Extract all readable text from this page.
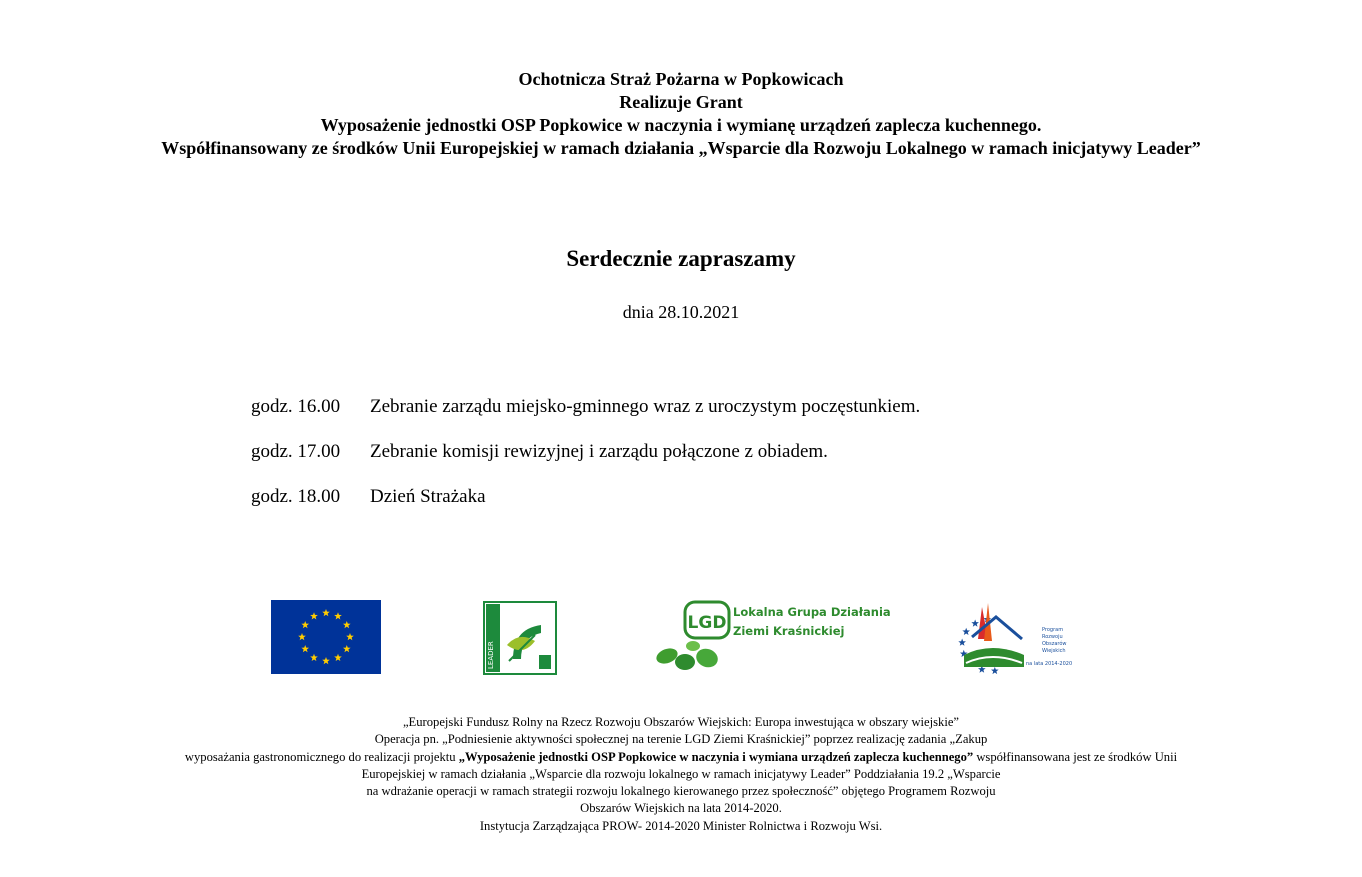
Ochotnicza Straż Pożarna w Popkowicach
Realizuje Grant
Wyposażenie jednostki OSP Popkowice w naczynia i wymianę urządzeń zaplecza kuchennego.
Współfinansowany ze środków Unii Europejskiej w ramach działania „Wsparcie dla Rozwoju Lokalnego w ramach inicjatywy Leader”
Serdecznie zapraszamy
dnia 28.10.2021
godz. 16.00	Zebranie zarządu miejsko-gminnego wraz z uroczystym poczęstunkiem.
godz. 17.00	Zebranie komisji rewizyjnej i zarządu połączone z obiadem.
godz. 18.00	Dzień Strażaka
LEADER
LGD
Lokalna Grupa Działania
Ziemi Kraśnickiej	Program
Rozwoju
Obszarów
Wiejskich
na lata 2014-2020
„Europejski Fundusz Rolny na Rzecz Rozwoju Obszarów Wiejskich: Europa inwestująca w obszary wiejskie”
Operacja pn. „Podniesienie aktywności społecznej na terenie LGD Ziemi Kraśnickiej” poprzez realizację zadania „Zakup
wyposażania gastronomicznego do realizacji projektu „Wyposażenie jednostki OSP Popkowice w naczynia i wymiana urządzeń zaplecza kuchennego” współfinansowana jest ze środków Unii
Europejskiej w ramach działania „Wsparcie dla rozwoju lokalnego w ramach inicjatywy Leader” Poddziałania 19.2 „Wsparcie
na wdrażanie operacji w ramach strategii rozwoju lokalnego kierowanego przez społeczność” objętego Programem Rozwoju
Obszarów Wiejskich na lata 2014-2020.
Instytucja Zarządzająca PROW- 2014-2020 Minister Rolnictwa i Rozwoju Wsi.
